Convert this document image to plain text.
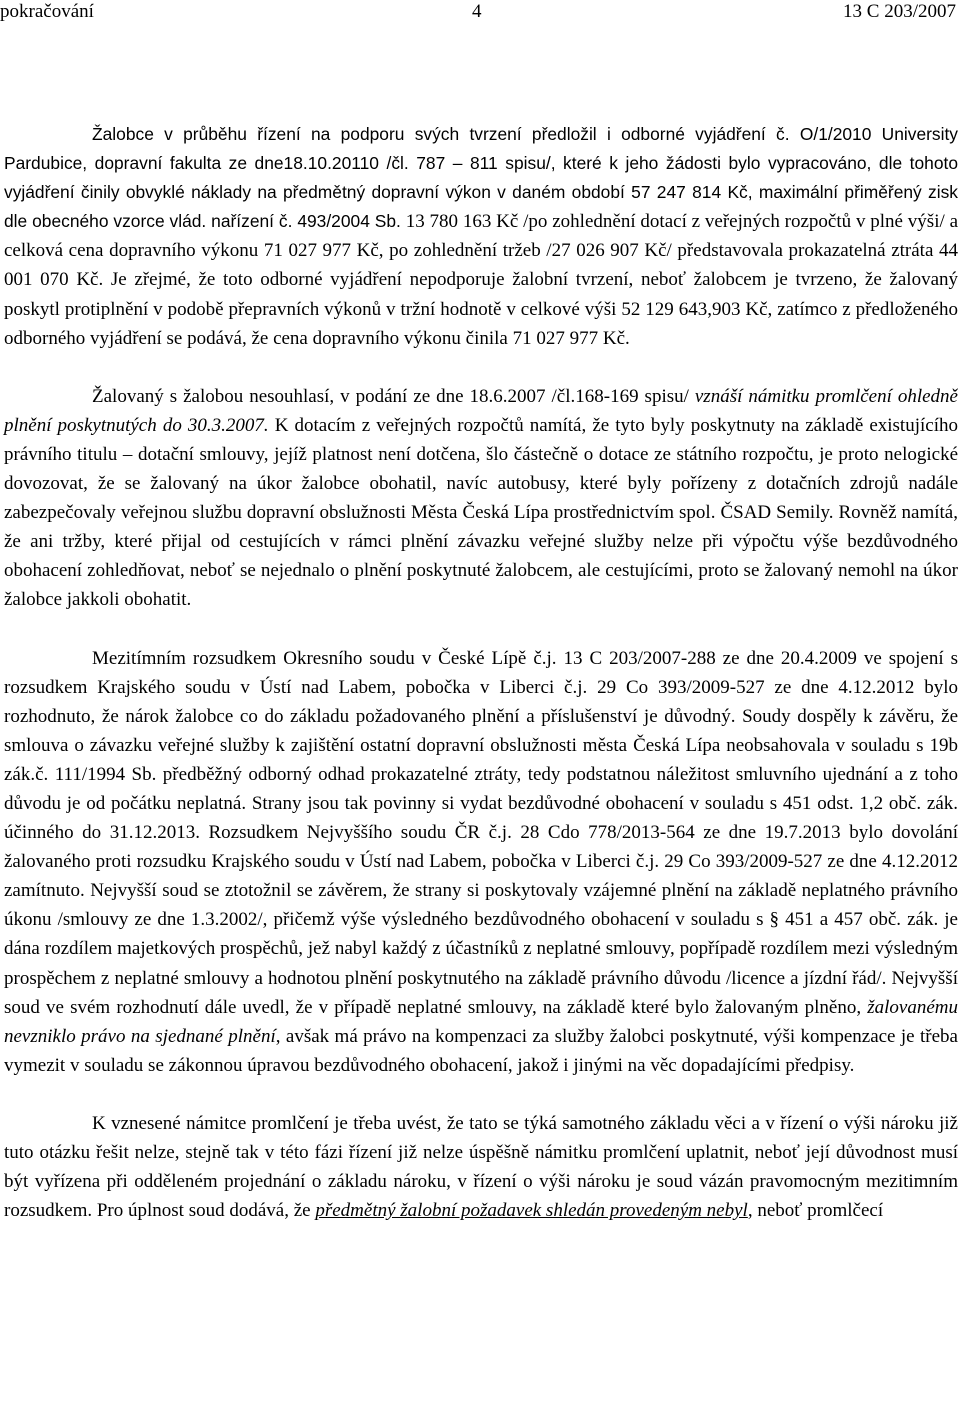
pokračování	4	13 C 203/2007

Žalobce v průběhu řízení na podporu svých tvrzení předložil i odborné vyjádření č. O/1/2010 University Pardubice, dopravní fakulta ze dne18.10.20110 /čl. 787 – 811 spisu/, které k jeho žádosti bylo vypracováno, dle tohoto vyjádření činily obvyklé náklady na předmětný dopravní výkon v daném období 57 247 814 Kč, maximální přiměřený zisk dle obecného vzorce vlád. nařízení č. 493/2004 Sb. 13 780 163 Kč /po zohlednění dotací z veřejných rozpočtů v plné výši/ a celková cena dopravního výkonu 71 027 977 Kč, po zohlednění tržeb /27 026 907 Kč/ představovala prokazatelná ztráta 44 001 070 Kč. Je zřejmé, že toto odborné vyjádření nepodporuje žalobní tvrzení, neboť žalobcem je tvrzeno, že žalovaný poskytl protiplnění v podobě přepravních výkonů v tržní hodnotě v celkové výši 52 129 643,903 Kč, zatímco z předloženého odborného vyjádření se podává, že cena dopravního výkonu činila 71 027 977 Kč.

Žalovaný s žalobou nesouhlasí, v podání ze dne 18.6.2007 /čl.168-169 spisu/ vznáší námitku promlčení ohledně plnění poskytnutých do 30.3.2007. K dotacím z veřejných rozpočtů namítá, že tyto byly poskytnuty na základě existujícího právního titulu – dotační smlouvy, jejíž platnost není dotčena, šlo částečně o dotace ze státního rozpočtu, je proto nelogické dovozovat, že se žalovaný na úkor žalobce obohatil, navíc autobusy, které byly pořízeny z dotačních zdrojů nadále zabezpečovaly veřejnou službu dopravní obslužnosti Města Česká Lípa prostřednictvím spol. ČSAD Semily. Rovněž namítá, že ani tržby, které přijal od cestujících v rámci plnění závazku veřejné služby nelze při výpočtu výše bezdůvodného obohacení zohledňovat, neboť se nejednalo o plnění poskytnuté žalobcem, ale cestujícími, proto se žalovaný nemohl na úkor žalobce jakkoli obohatit.

Mezitímním rozsudkem Okresního soudu v České Lípě č.j. 13 C 203/2007-288 ze dne 20.4.2009 ve spojení s rozsudkem Krajského soudu v Ústí nad Labem, pobočka v Liberci č.j. 29 Co 393/2009-527 ze dne 4.12.2012 bylo rozhodnuto, že nárok žalobce co do základu požadovaného plnění a příslušenství je důvodný. Soudy dospěly k závěru, že smlouva o závazku veřejné služby k zajištění ostatní dopravní obslužnosti města Česká Lípa neobsahovala v souladu s 19b zák.č. 111/1994 Sb. předběžný odborný odhad prokazatelné ztráty, tedy podstatnou náležitost smluvního ujednání a z toho důvodu je od počátku neplatná. Strany jsou tak povinny si vydat bezdůvodné obohacení v souladu s 451 odst. 1,2 obč. zák. účinného do 31.12.2013. Rozsudkem Nejvyššího soudu ČR č.j. 28 Cdo 778/2013-564 ze dne 19.7.2013 bylo dovolání žalovaného proti rozsudku Krajského soudu v Ústí nad Labem, pobočka v Liberci č.j. 29 Co 393/2009-527 ze dne 4.12.2012 zamítnuto. Nejvyšší soud se ztotožnil se závěrem, že strany si poskytovaly vzájemné plnění na základě neplatného právního úkonu /smlouvy ze dne 1.3.2002/, přičemž výše výsledného bezdůvodného obohacení v souladu s § 451 a 457 obč. zák. je dána rozdílem majetkových prospěchů, jež nabyl každý z účastníků z neplatné smlouvy, popřípadě rozdílem mezi výsledným prospěchem z neplatné smlouvy a hodnotou plnění poskytnutého na základě právního důvodu /licence a jízdní řád/. Nejvyšší soud ve svém rozhodnutí dále uvedl, že v případě neplatné smlouvy, na základě které bylo žalovaným plněno, žalovanému nevzniklo právo na sjednané plnění, avšak má právo na kompenzaci za služby žalobci poskytnuté, výši kompenzace je třeba vymezit v souladu se zákonnou úpravou bezdůvodného obohacení, jakož i jinými na věc dopadajícími předpisy.

K vznesené námitce promlčení je třeba uvést, že tato se týká samotného základu věci a v řízení o výši nároku již tuto otázku řešit nelze, stejně tak v této fázi řízení již nelze úspěšně námitku promlčení uplatnit, neboť její důvodnost musí být vyřízena při odděleném projednání o základu nároku, v řízení o výši nároku je soud vázán pravomocným mezitimním rozsudkem. Pro úplnost soud dodává, že předmětný žalobní požadavek shledán provedeným nebyl, neboť promlčecí
